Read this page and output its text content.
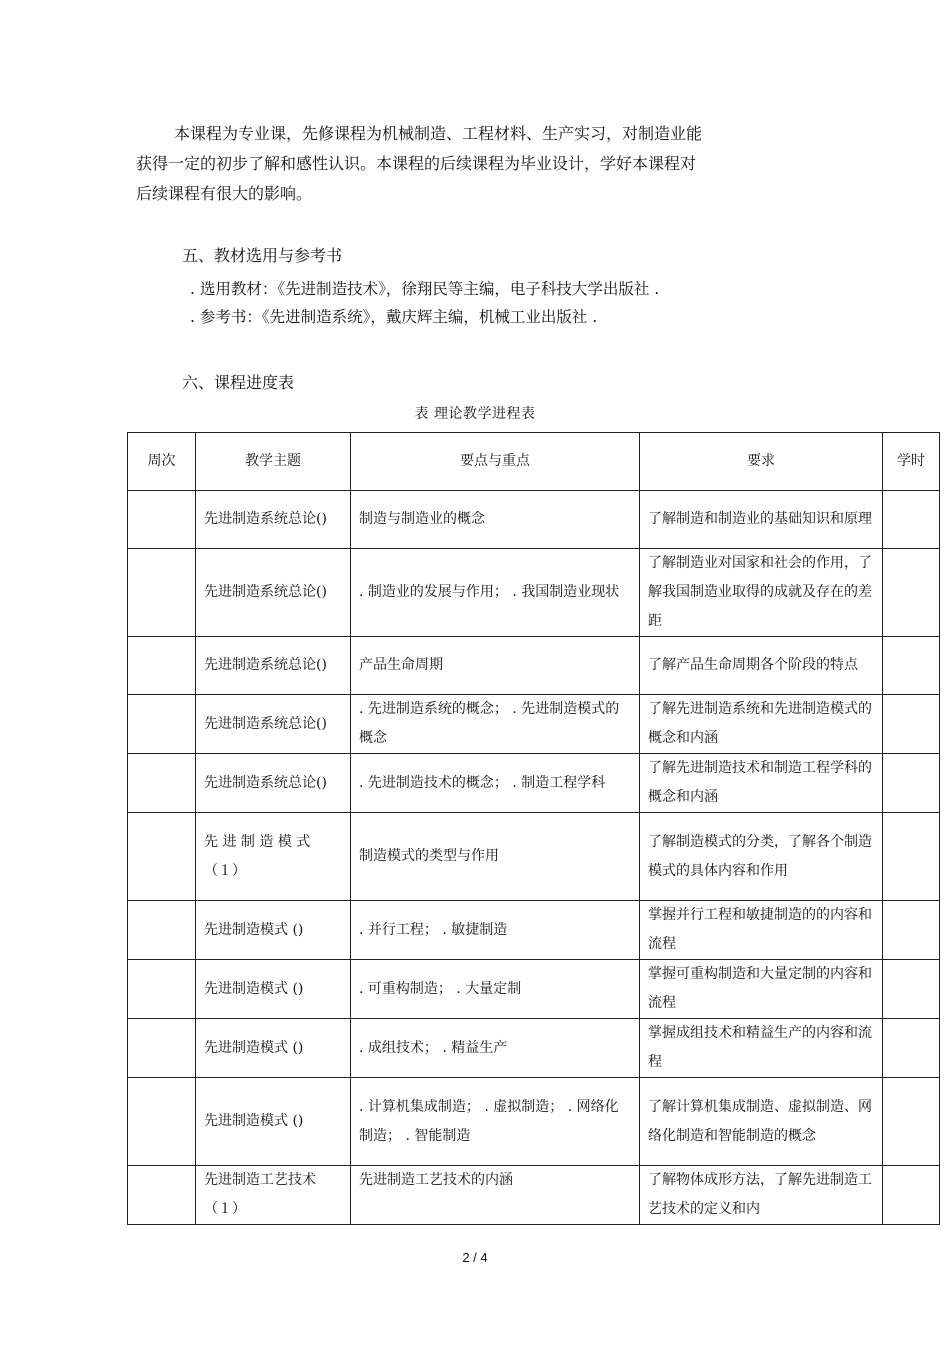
本课程为专业课，先修课程为机械制造、工程材料、生产实习，对制造业能

获得一定的初步了解和感性认识。本课程的后续课程为毕业设计，学好本课程对

后续课程有很大的影响。

五、教材选用与参考书
. 选用教材：《先进制造技术》，徐翔民等主编，电子科技大学出版社 .
. 参考书：《先进制造系统》，戴庆辉主编，机械工业出版社 .
六、课程进度表
表 理论教学进程表
周次	教学主题	要点与重点	要求	学时
	先进制造系统总论()	制造与制造业的概念	了解制造和制造业的基础知识和原理	
	先进制造系统总论()	. 制造业的发展与作用； . 我国制造业现状	了解制造业对国家和社会的作用，了解我国制造业取得的成就及存在的差距	
	先进制造系统总论()	产品生命周期	了解产品生命周期各个阶段的特点	
	先进制造系统总论()	. 先进制造系统的概念； . 先进制造模式的概念	了解先进制造系统和先进制造模式的概念和内涵	
	先进制造系统总论()	. 先进制造技术的概念； . 制造工程学科	了解先进制造技术和制造工程学科的概念和内涵	
	先 进 制 造 模 式 （１）	制造模式的类型与作用	了解制造模式的分类，了解各个制造模式的具体内容和作用	
	先进制造模式 ()	. 并行工程； . 敏捷制造	掌握并行工程和敏捷制造的的内容和流程	
	先进制造模式 ()	. 可重构制造； . 大量定制	掌握可重构制造和大量定制的内容和流程	
	先进制造模式 ()	. 成组技术； . 精益生产	掌握成组技术和精益生产的内容和流程	
	先进制造模式 ()	. 计算机集成制造； . 虚拟制造； . 网络化制造； . 智能制造	了解计算机集成制造、虚拟制造、网络化制造和智能制造的概念	
	先进制造工艺技术（１）	先进制造工艺技术的内涵	了解物体成形方法，了解先进制造工艺技术的定义和内	
2 / 4
